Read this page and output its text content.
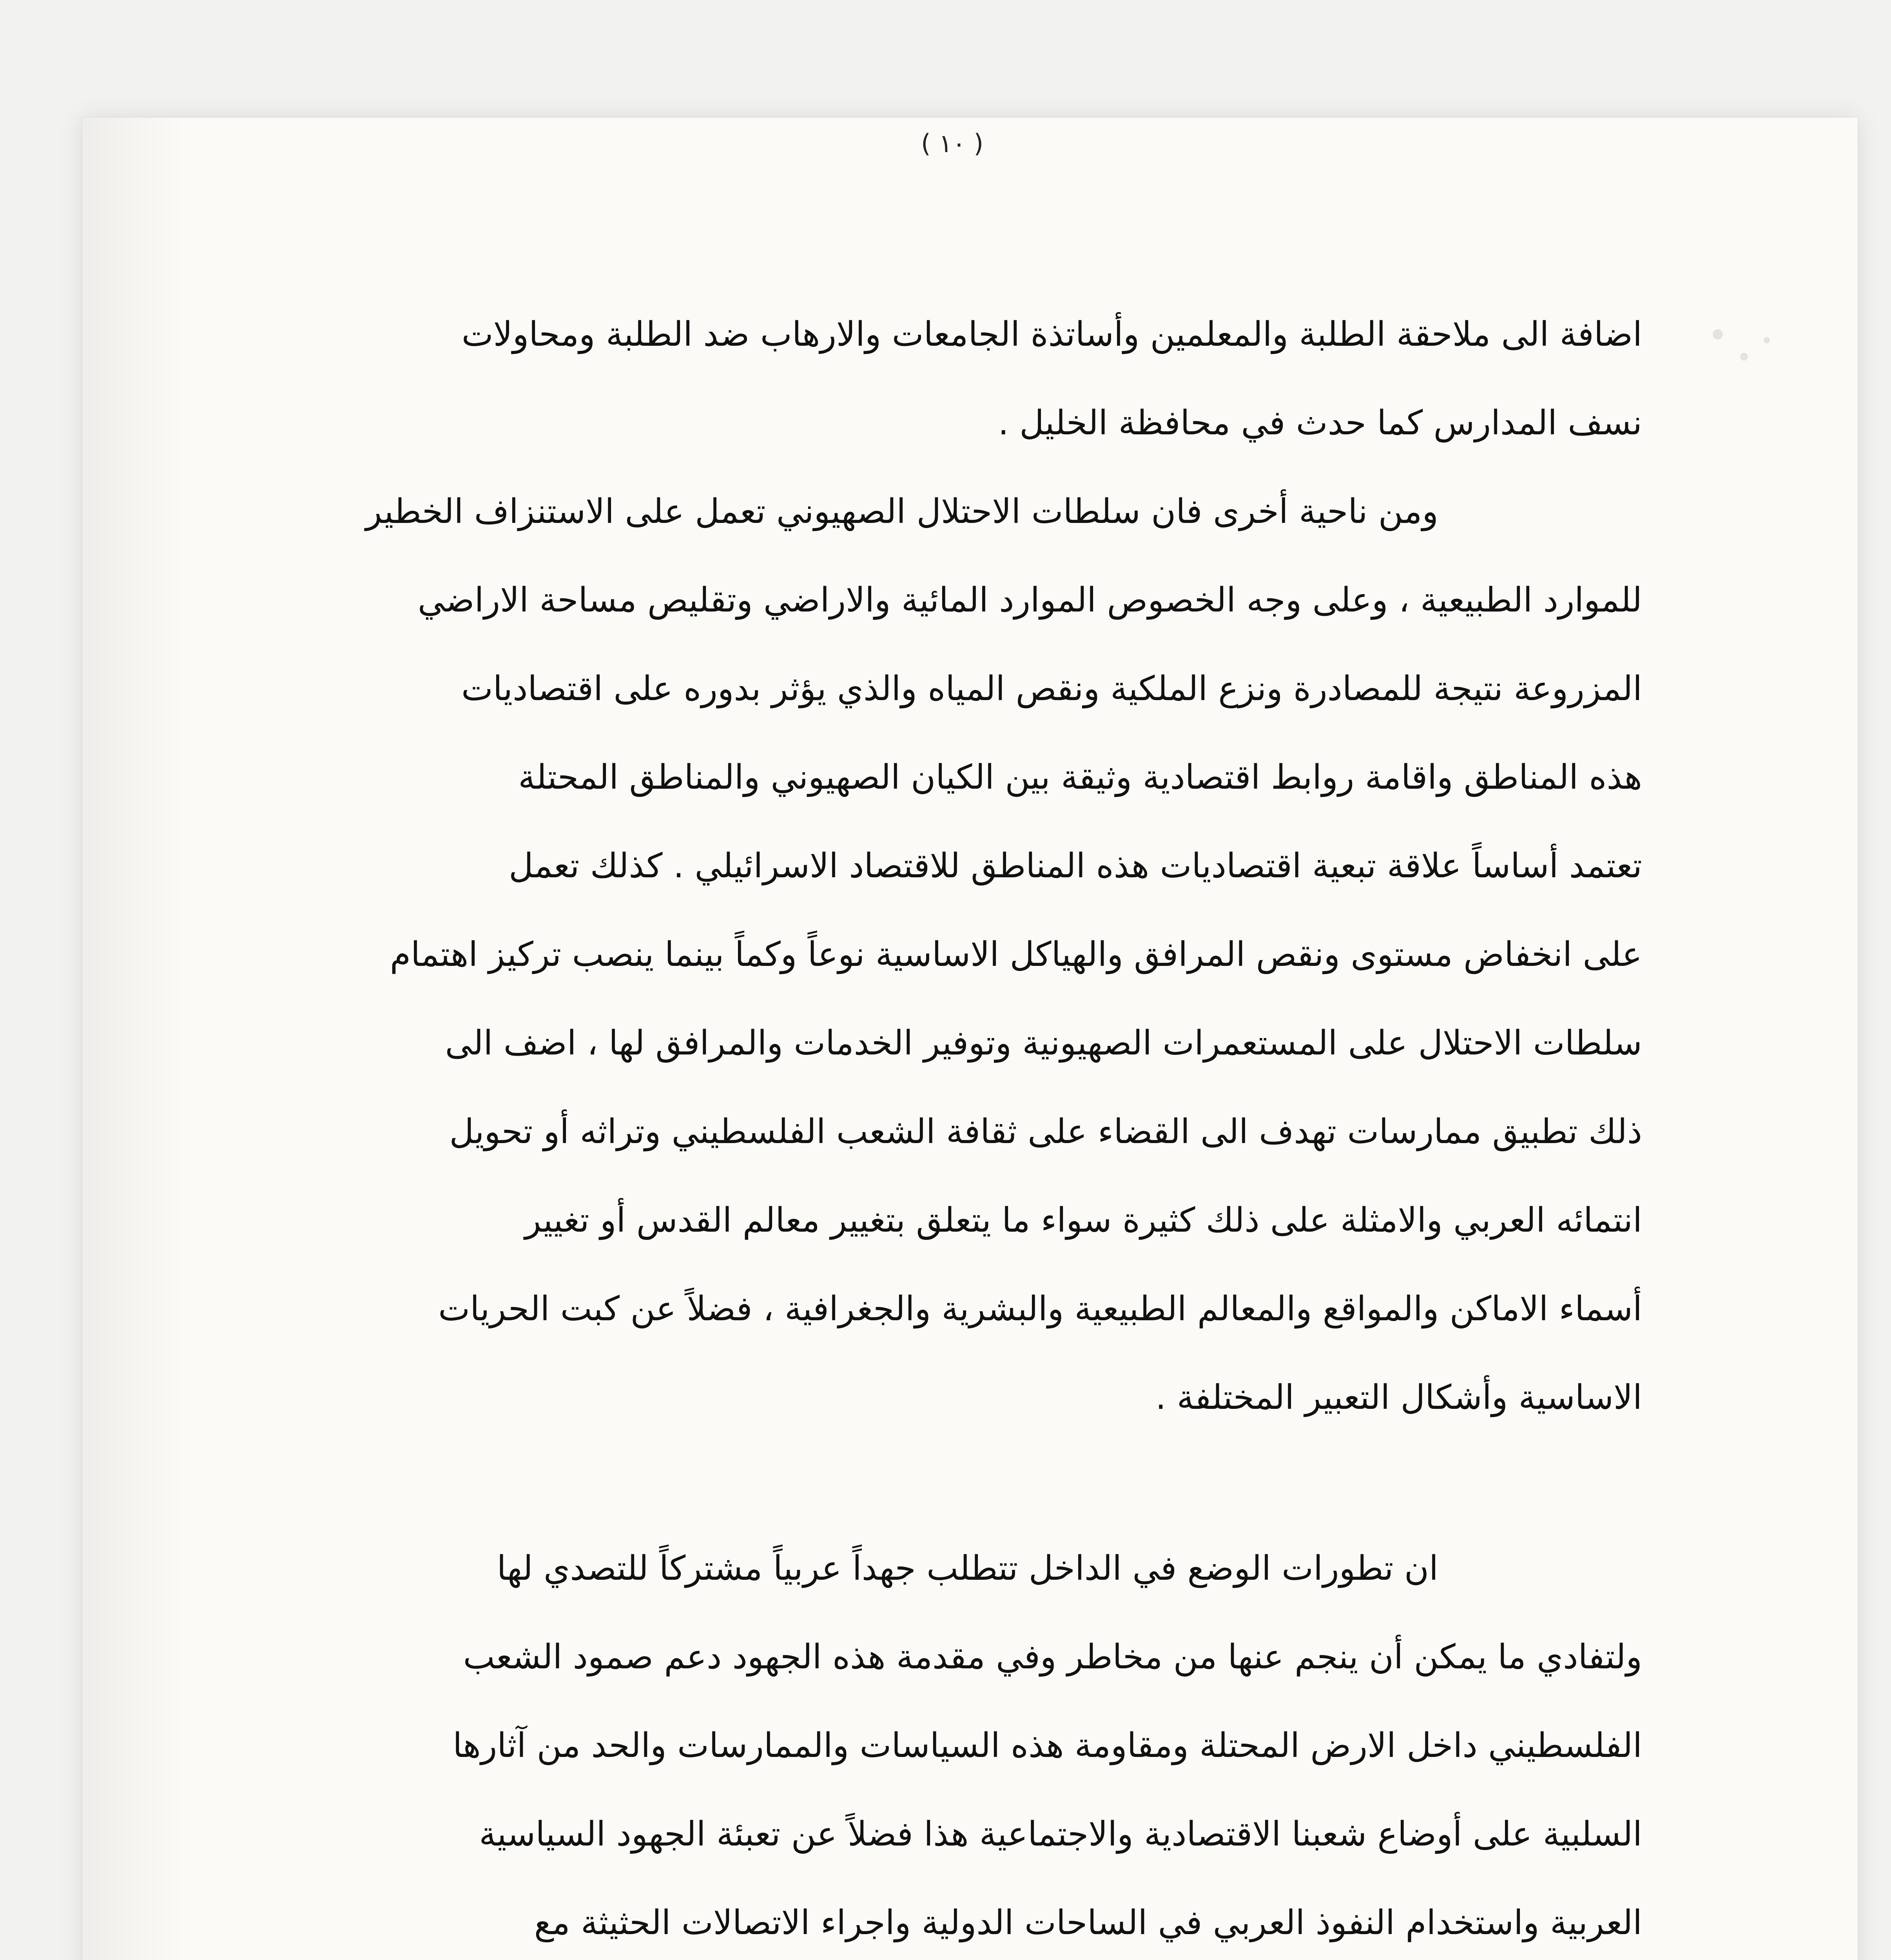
( ١٠ )
اضافة الى ملاحقة الطلبة والمعلمين وأساتذة الجامعات والارهاب ضد الطلبة ومحاولات
نسف المدارس كما حدث في محافظة الخليل .
ومن ناحية أخرى فان سلطات الاحتلال الصهيوني تعمل على الاستنزاف الخطير
للموارد الطبيعية ، وعلى وجه الخصوص الموارد المائية والاراضي وتقليص مساحة الاراضي
المزروعة نتيجة للمصادرة ونزع الملكية ونقص المياه والذي يؤثر بدوره على اقتصاديات
هذه المناطق واقامة روابط اقتصادية وثيقة بين الكيان الصهيوني والمناطق المحتلة
تعتمد أساساً علاقة تبعية اقتصاديات هذه المناطق للاقتصاد الاسرائيلي . كذلك تعمل
على انخفاض مستوى ونقص المرافق والهياكل الاساسية نوعاً وكماً بينما ينصب تركيز اهتمام
سلطات الاحتلال على المستعمرات الصهيونية وتوفير الخدمات والمرافق لها ، اضف الى
ذلك تطبيق ممارسات تهدف الى القضاء على ثقافة الشعب الفلسطيني وتراثه أو تحويل
انتمائه العربي والامثلة على ذلك كثيرة سواء ما يتعلق بتغيير معالم القدس أو تغيير
أسماء الاماكن والمواقع والمعالم الطبيعية والبشرية والجغرافية ، فضلاً عن كبت الحريات
الاساسية وأشكال التعبير المختلفة .
ان تطورات الوضع في الداخل تتطلب جهداً عربياً مشتركاً للتصدي لها
ولتفادي ما يمكن أن ينجم عنها من مخاطر وفي مقدمة هذه الجهود دعم صمود الشعب
الفلسطيني داخل الارض المحتلة ومقاومة هذه السياسات والممارسات والحد من آثارها
السلبية على أوضاع شعبنا الاقتصادية والاجتماعية هذا فضلاً عن تعبئة الجهود السياسية
العربية واستخدام النفوذ العربي في الساحات الدولية واجراء الاتصالات الحثيثة مع
